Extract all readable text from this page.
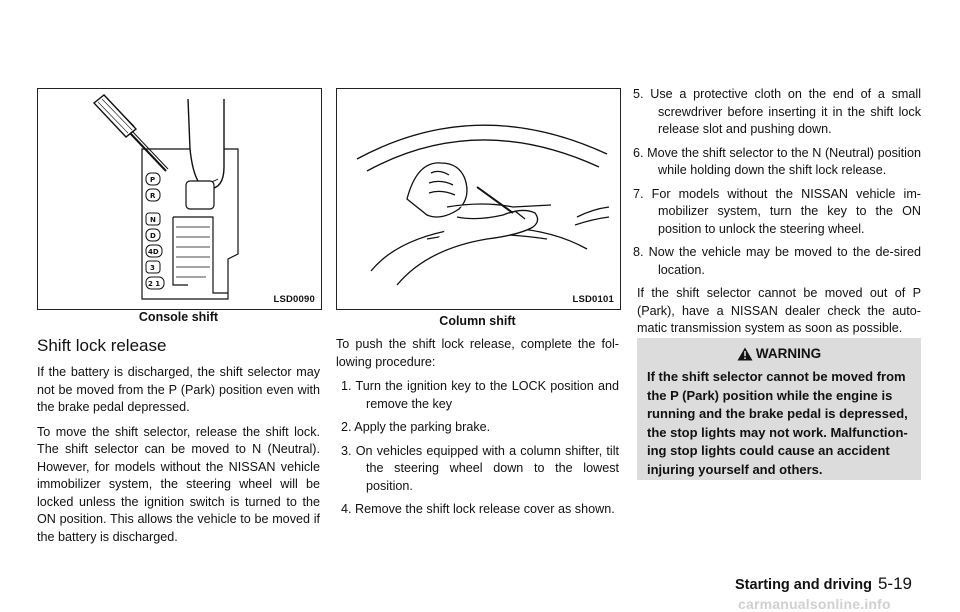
P
R
N
D
4D
3
2 1
LSD0090
Console shift
LSD0101
Column shift
Shift lock release

If the battery is discharged, the shift selector may not be moved from the P (Park) position even with the brake pedal depressed.

To move the shift selector, release the shift lock. The shift selector can be moved to N (Neutral). However, for models without the NISSAN vehicle immobilizer system, the steering wheel will be locked unless the ignition switch is turned to the ON position. This allows the vehicle to be moved if the battery is discharged.

To push the shift lock release, complete the fol-lowing procedure:

1. Turn the ignition key to the LOCK position and remove the key
2. Apply the parking brake.
3. On vehicles equipped with a column shifter, tilt the steering wheel down to the lowest position.
4. Remove the shift lock release cover as shown.
5. Use a protective cloth on the end of a small screwdriver before inserting it in the shift lock release slot and pushing down.
6. Move the shift selector to the N (Neutral) position while holding down the shift lock release.
7. For models without the NISSAN vehicle im-mobilizer system, turn the key to the ON position to unlock the steering wheel.
8. Now the vehicle may be moved to the de-sired location.

If the shift selector cannot be moved out of P (Park), have a NISSAN dealer check the auto-matic transmission system as soon as possible.

WARNING
If the shift selector cannot be moved from the P (Park) position while the engine is running and the brake pedal is depressed, the stop lights may not work. Malfunction-ing stop lights could cause an accident injuring yourself and others.
Starting and driving 5-19
carmanualsonline.info
